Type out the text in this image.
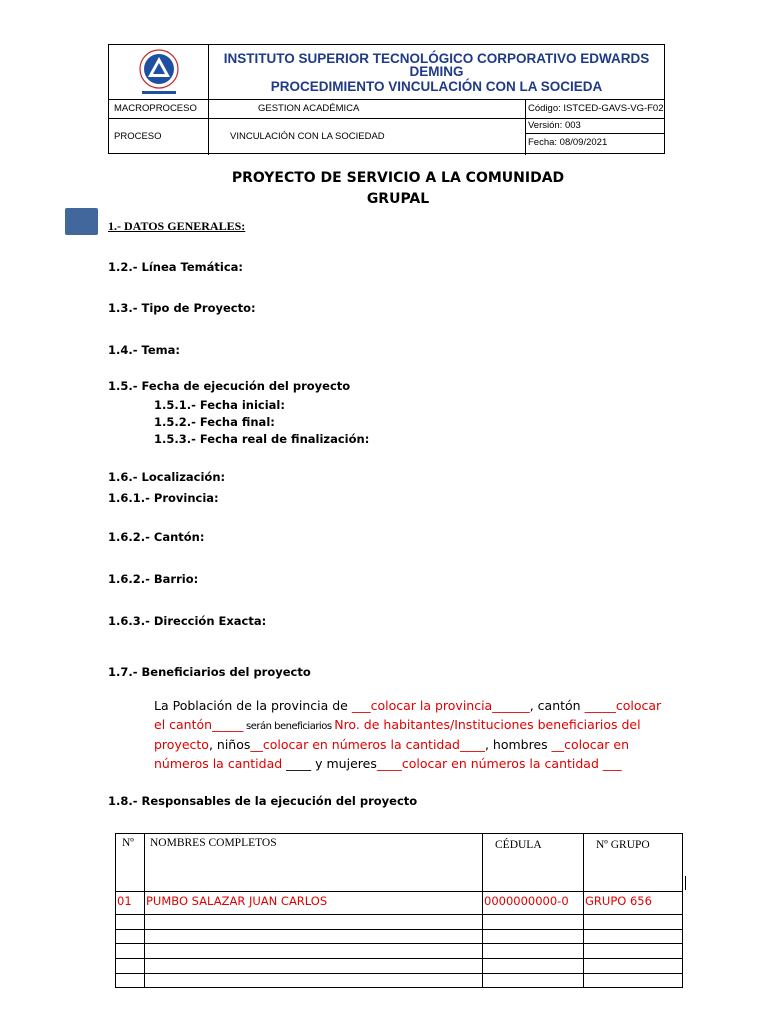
INSTITUTO SUPERIOR TECNOLÓGICO CORPORATIVO EDWARDS
DEMING
PROCEDIMIENTO VINCULACIÓN CON LA SOCIEDA
MACROPROCESO	GESTION ACADÉMICA	Código: ISTCED-GAVS-VG-F02
PROCESO	VINCULACIÓN CON LA SOCIEDAD
Versión: 003
Fecha: 08/09/2021
PROYECTO DE SERVICIO A LA COMUNIDAD
GRUPAL
1.- DATOS GENERALES:
1.2.- Línea Temática:
1.3.- Tipo de Proyecto:
1.4.- Tema:
1.5.- Fecha de ejecución del proyecto
1.5.1.- Fecha inicial:
1.5.2.- Fecha final:
1.5.3.- Fecha real de finalización:
1.6.- Localización:
1.6.1.- Provincia:
1.6.2.- Cantón:
1.6.2.- Barrio:
1.6.3.- Dirección Exacta:
1.7.- Beneficiarios del proyecto
La Población de la provincia de ___colocar la provincia______, cantón _____colocar
el cantón_____ serán beneficiarios Nro. de habitantes/Instituciones beneficiarios del
proyecto, niños__colocar en números la cantidad____, hombres __colocar en
números la cantidad ____ y mujeres____colocar en números la cantidad ___
1.8.- Responsables de la ejecución del proyecto
Nº NOMBRES COMPLETOS	CÉDULA	Nº GRUPO
01 PUMBO SALAZAR JUAN CARLOS	0000000000-0 GRUPO 656
